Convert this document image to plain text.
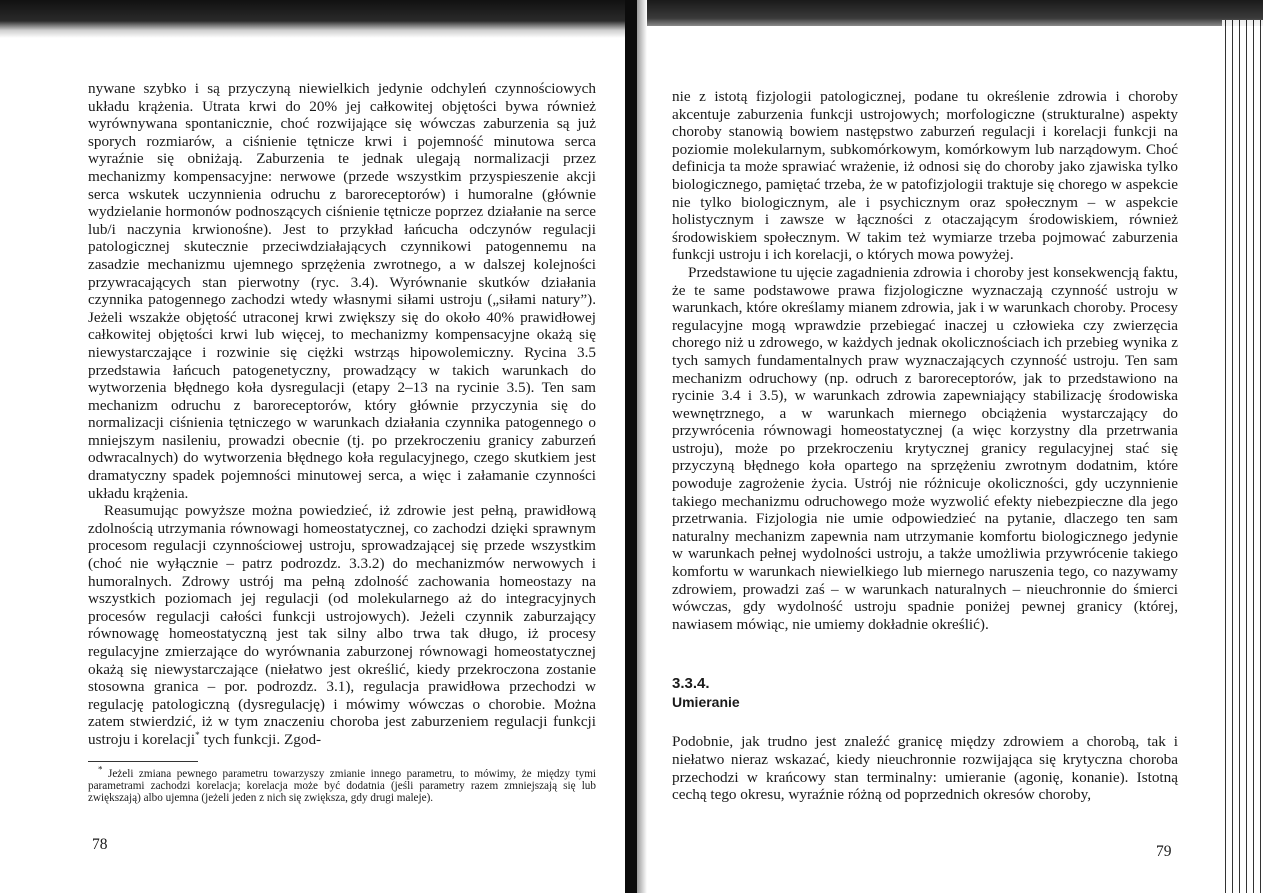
nywane szybko i są przyczyną niewielkich jedynie odchyleń czynnościowych układu krążenia. Utrata krwi do 20% jej całkowitej objętości bywa również wyrównywana spontanicznie, choć rozwijające się wówczas zaburzenia są już sporych rozmiarów, a ciśnienie tętnicze krwi i pojemność minutowa serca wyraźnie się obniżają. Zaburzenia te jednak ulegają normalizacji przez mechanizmy kompensacyjne: nerwowe (przede wszystkim przyspieszenie akcji serca wskutek uczynnienia odruchu z baroreceptorów) i humoralne (głównie wydzielanie hormonów podnoszących ciśnienie tętnicze poprzez działanie na serce lub/i naczynia krwionośne). Jest to przykład łańcucha odczynów regulacji patologicznej skutecznie przeciwdziałających czynnikowi patogennemu na zasadzie mechanizmu ujemnego sprzężenia zwrotnego, a w dalszej kolejności przywracających stan pierwotny (ryc. 3.4). Wyrównanie skutków działania czynnika patogennego zachodzi wtedy własnymi siłami ustroju („siłami natury”). Jeżeli wszakże objętość utraconej krwi zwiększy się do około 40% prawidłowej całkowitej objętości krwi lub więcej, to mechanizmy kompensacyjne okażą się niewystarczające i rozwinie się ciężki wstrząs hipowolemiczny. Rycina 3.5 przedstawia łańcuch patogenetyczny, prowadzący w takich warunkach do wytworzenia błędnego koła dysregulacji (etapy 2–13 na rycinie 3.5). Ten sam mechanizm odruchu z baroreceptorów, który głównie przyczynia się do normalizacji ciśnienia tętniczego w warunkach działania czynnika patogennego o mniejszym nasileniu, prowadzi obecnie (tj. po przekroczeniu granicy zaburzeń odwracalnych) do wytworzenia błędnego koła regulacyjnego, czego skutkiem jest dramatyczny spadek pojemności minutowej serca, a więc i załamanie czynności układu krążenia.

Reasumując powyższe można powiedzieć, iż zdrowie jest pełną, prawidłową zdolnością utrzymania równowagi homeostatycznej, co zachodzi dzięki sprawnym procesom regulacji czynnościowej ustroju, sprowadzającej się przede wszystkim (choć nie wyłącznie – patrz podrozdz. 3.3.2) do mechanizmów nerwowych i humoralnych. Zdrowy ustrój ma pełną zdolność zachowania homeostazy na wszystkich poziomach jej regulacji (od molekularnego aż do integracyjnych procesów regulacji całości funkcji ustrojowych). Jeżeli czynnik zaburzający równowagę homeostatyczną jest tak silny albo trwa tak długo, iż procesy regulacyjne zmierzające do wyrównania zaburzonej równowagi homeostatycznej okażą się niewystarczające (niełatwo jest określić, kiedy przekroczona zostanie stosowna granica – por. podrozdz. 3.1), regulacja prawidłowa przechodzi w regulację patologiczną (dysregulację) i mówimy wówczas o chorobie. Można zatem stwierdzić, iż w tym znaczeniu choroba jest zaburzeniem regulacji funkcji ustroju i korelacji* tych funkcji. Zgod-

* Jeżeli zmiana pewnego parametru towarzyszy zmianie innego parametru, to mówimy, że między tymi parametrami zachodzi korelacja; korelacja może być dodatnia (jeśli parametry razem zmniejszają się lub zwiększają) albo ujemna (jeżeli jeden z nich się zwiększa, gdy drugi maleje).

78

nie z istotą fizjologii patologicznej, podane tu określenie zdrowia i choroby akcentuje zaburzenia funkcji ustrojowych; morfologiczne (strukturalne) aspekty choroby stanowią bowiem następstwo zaburzeń regulacji i korelacji funkcji na poziomie molekularnym, subkomórkowym, komórkowym lub narządowym. Choć definicja ta może sprawiać wrażenie, iż odnosi się do choroby jako zjawiska tylko biologicznego, pamiętać trzeba, że w patofizjologii traktuje się chorego w aspekcie nie tylko biologicznym, ale i psychicznym oraz społecznym – w aspekcie holistycznym i zawsze w łączności z otaczającym środowiskiem, również środowiskiem społecznym. W takim też wymiarze trzeba pojmować zaburzenia funkcji ustroju i ich korelacji, o których mowa powyżej.

Przedstawione tu ujęcie zagadnienia zdrowia i choroby jest konsekwencją faktu, że te same podstawowe prawa fizjologiczne wyznaczają czynność ustroju w warunkach, które określamy mianem zdrowia, jak i w warunkach choroby. Procesy regulacyjne mogą wprawdzie przebiegać inaczej u człowieka czy zwierzęcia chorego niż u zdrowego, w każdych jednak okolicznościach ich przebieg wynika z tych samych fundamentalnych praw wyznaczających czynność ustroju. Ten sam mechanizm odruchowy (np. odruch z baroreceptorów, jak to przedstawiono na rycinie 3.4 i 3.5), w warunkach zdrowia zapewniający stabilizację środowiska wewnętrznego, a w warunkach miernego obciążenia wystarczający do przywrócenia równowagi homeostatycznej (a więc korzystny dla przetrwania ustroju), może po przekroczeniu krytycznej granicy regulacyjnej stać się przyczyną błędnego koła opartego na sprzężeniu zwrotnym dodatnim, które powoduje zagrożenie życia. Ustrój nie różnicuje okoliczności, gdy uczynnienie takiego mechanizmu odruchowego może wyzwolić efekty niebezpieczne dla jego przetrwania. Fizjologia nie umie odpowiedzieć na pytanie, dlaczego ten sam naturalny mechanizm zapewnia nam utrzymanie komfortu biologicznego jedynie w warunkach pełnej wydolności ustroju, a także umożliwia przywrócenie takiego komfortu w warunkach niewielkiego lub miernego naruszenia tego, co nazywamy zdrowiem, prowadzi zaś – w warunkach naturalnych – nieuchronnie do śmierci wówczas, gdy wydolność ustroju spadnie poniżej pewnej granicy (której, nawiasem mówiąc, nie umiemy dokładnie określić).

3.3.4.
Umieranie

Podobnie, jak trudno jest znaleźć granicę między zdrowiem a chorobą, tak i niełatwo nieraz wskazać, kiedy nieuchronnie rozwijająca się krytyczna choroba przechodzi w krańcowy stan terminalny: umieranie (agonię, konanie). Istotną cechą tego okresu, wyraźnie różną od poprzednich okresów choroby,

79
